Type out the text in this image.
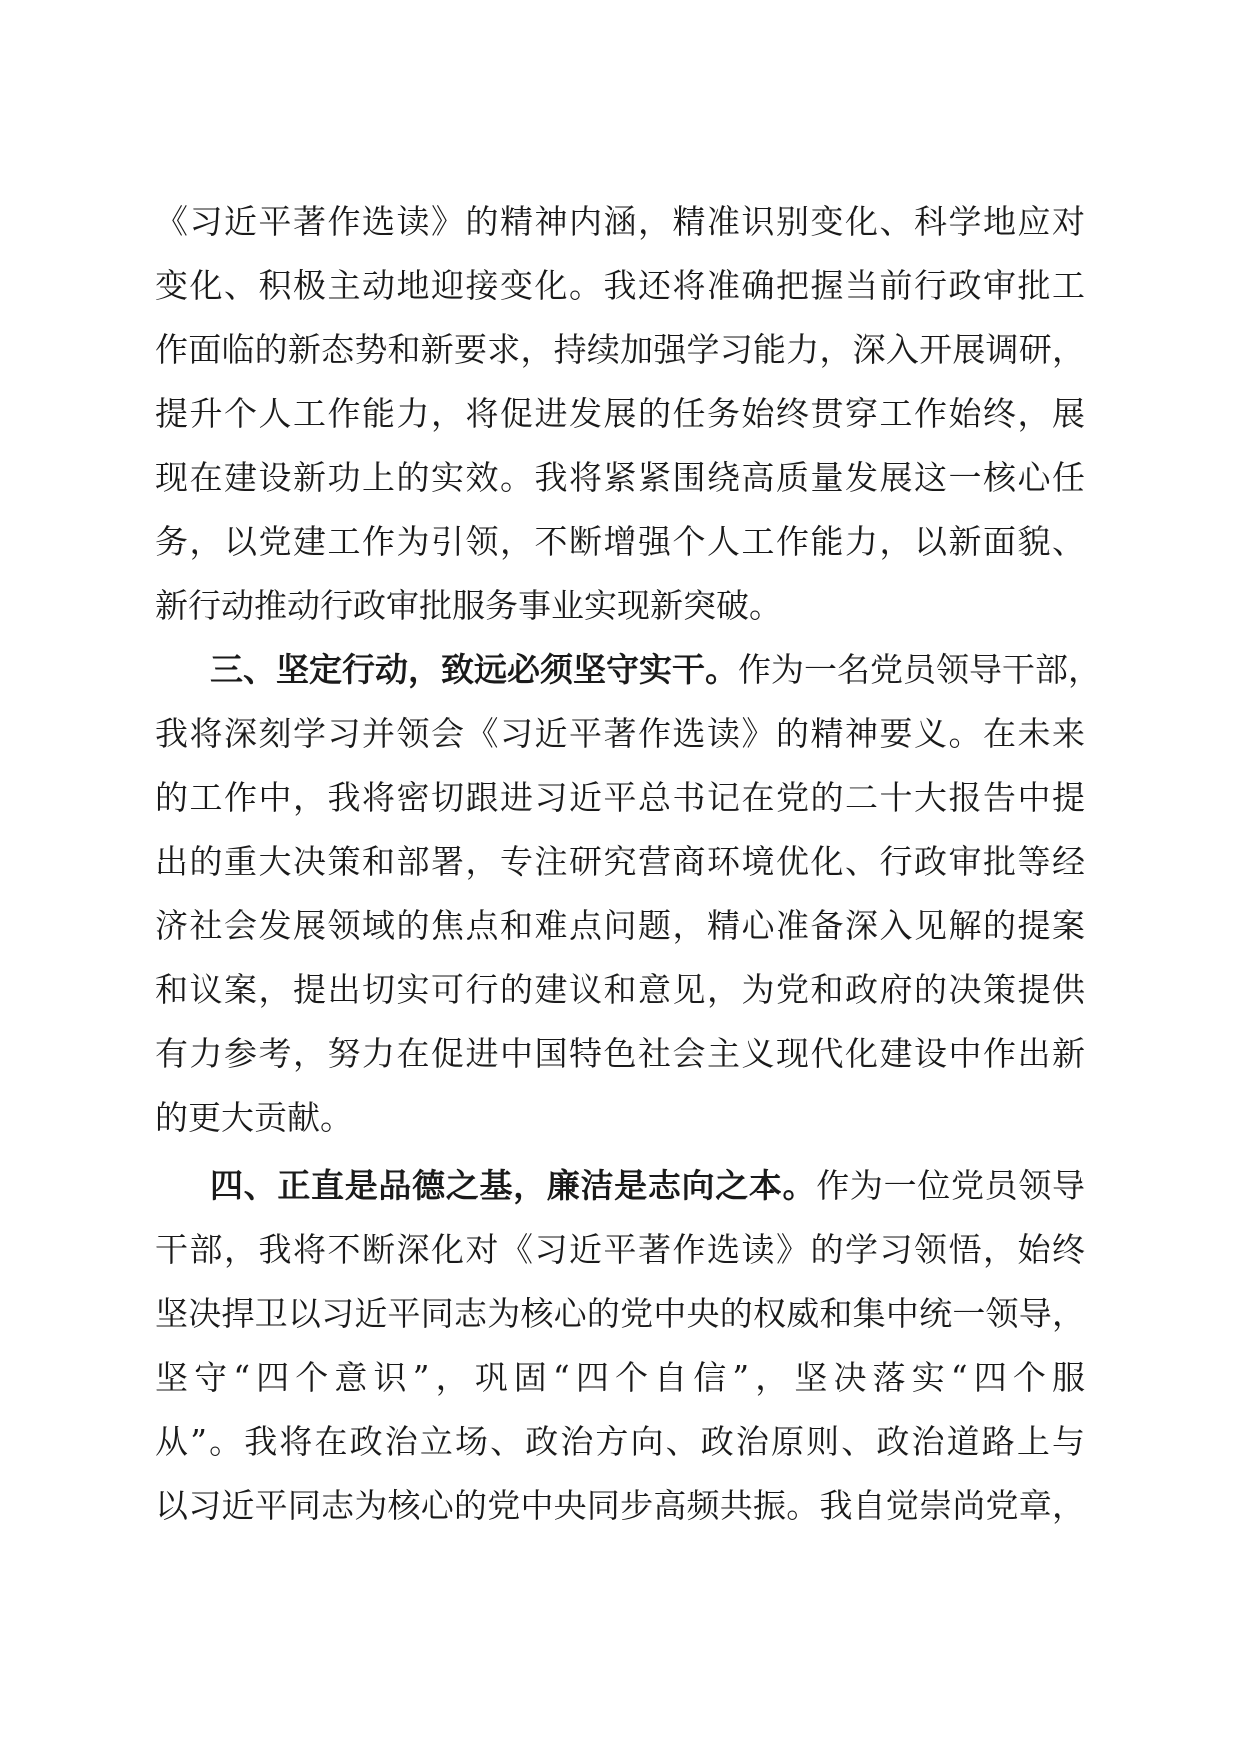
《习近平著作选读》的精神内涵，精准识别变化、科学地应对
变化、积极主动地迎接变化。我还将准确把握当前行政审批工
作面临的新态势和新要求，持续加强学习能力，深入开展调研，
提升个人工作能力，将促进发展的任务始终贯穿工作始终，展
现在建设新功上的实效。我将紧紧围绕高质量发展这一核心任
务，以党建工作为引领，不断增强个人工作能力，以新面貌、
新行动推动行政审批服务事业实现新突破。
三、坚定行动，致远必须坚守实干。作为一名党员领导干部，
我将深刻学习并领会《习近平著作选读》的精神要义。在未来
的工作中，我将密切跟进习近平总书记在党的二十大报告中提
出的重大决策和部署，专注研究营商环境优化、行政审批等经
济社会发展领域的焦点和难点问题，精心准备深入见解的提案
和议案，提出切实可行的建议和意见，为党和政府的决策提供
有力参考，努力在促进中国特色社会主义现代化建设中作出新
的更大贡献。
四、正直是品德之基，廉洁是志向之本。作为一位党员领导
干部，我将不断深化对《习近平著作选读》的学习领悟，始终
坚决捍卫以习近平同志为核心的党中央的权威和集中统一领导，
坚守“四个意识”，巩固“四个自信”，坚决落实“四个服
从”。我将在政治立场、政治方向、政治原则、政治道路上与
以习近平同志为核心的党中央同步高频共振。我自觉崇尚党章，
